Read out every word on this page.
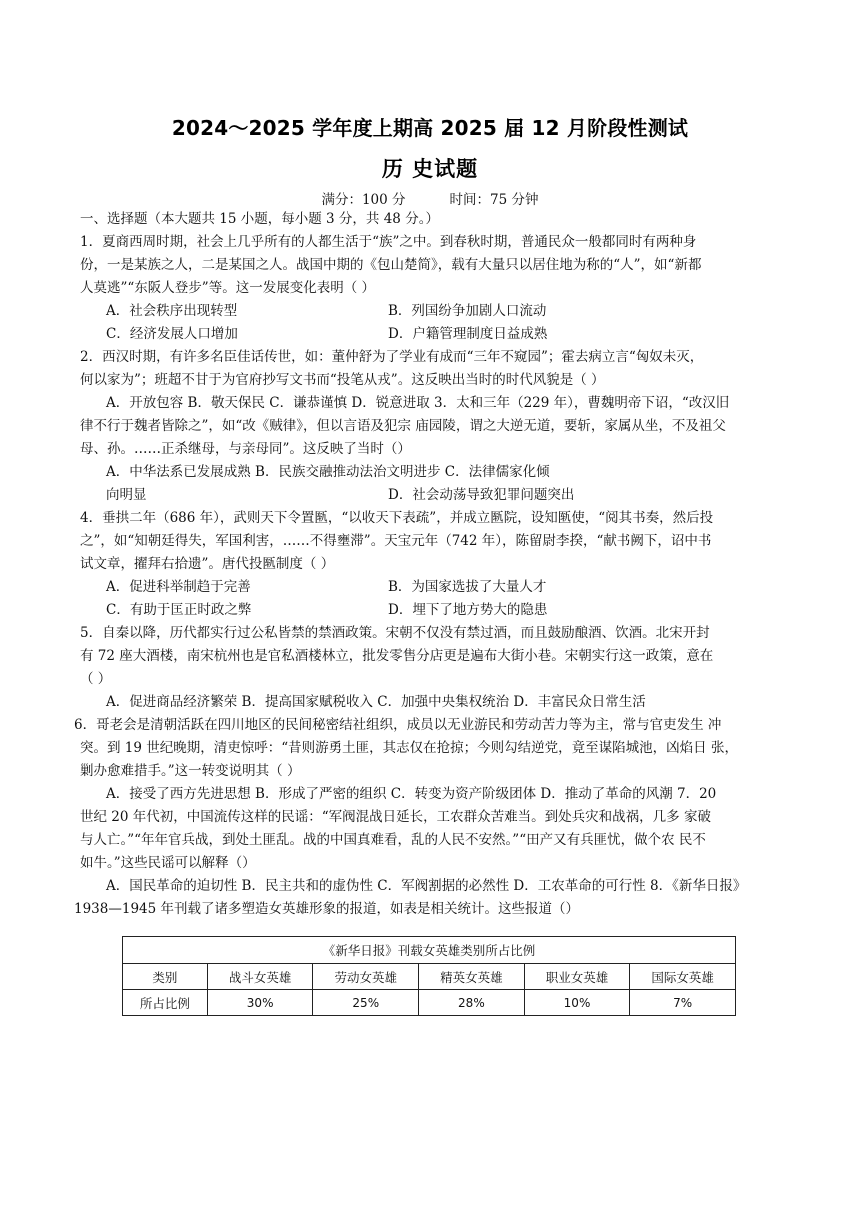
2024～2025 学年度上期高 2025 届 12 月阶段性测试
历 史试题
满分：100 分	时间：75 分钟
一、选择题（本大题共 15 小题，每小题 3 分，共 48 分。）
1．夏商西周时期，社会上几乎所有的人都生活于“族”之中。到春秋时期，普通民众一般都同时有两种身
份，一是某族之人，二是某国之人。战国中期的《包山楚简》，载有大量只以居住地为称的“人”，如“新都
人莫逃”“东阪人登步”等。这一发展变化表明（ ）
A．社会秩序出现转型	B．列国纷争加剧人口流动
C．经济发展人口增加	D．户籍管理制度日益成熟
2．西汉时期，有许多名臣佳话传世，如：董仲舒为了学业有成而“三年不窥园”；霍去病立言“匈奴未灭，
何以家为”；班超不甘于为官府抄写文书而“投笔从戎”。这反映出当时的时代风貌是（ ）
A．开放包容 B．敬天保民 C．谦恭谨慎 D．锐意进取 3．太和三年（229 年），曹魏明帝下诏，“改汉旧
律不行于魏者皆除之”，如“改《贼律》，但以言语及犯宗 庙园陵，谓之大逆无道，要斩，家属从坐，不及祖父
母、孙。……正杀继母，与亲母同”。这反映了当时（）
A．中华法系已发展成熟 B．民族交融推动法治文明进步 C．法律儒家化倾
向明显	D．社会动荡导致犯罪问题突出
4．垂拱二年（686 年），武则天下令置匦，“以收天下表疏”，并成立匦院，设知匦使，“阅其书奏，然后投
之”，如“知朝廷得失，军国利害，……不得壅滞”。天宝元年（742 年），陈留尉李揆，“献书阙下，诏中书
试文章，擢拜右拾遗”。唐代投匦制度（ ）
A．促进科举制趋于完善	B．为国家选拔了大量人才
C．有助于匡正时政之弊	D．埋下了地方势大的隐患
5．自秦以降，历代都实行过公私皆禁的禁酒政策。宋朝不仅没有禁过酒，而且鼓励酿酒、饮酒。北宋开封
有 72 座大酒楼，南宋杭州也是官私酒楼林立，批发零售分店更是遍布大街小巷。宋朝实行这一政策，意在
（ ）
A．促进商品经济繁荣 B．提高国家赋税收入 C．加强中央集权统治 D．丰富民众日常生活
6．哥老会是清朝活跃在四川地区的民间秘密结社组织，成员以无业游民和劳动苦力等为主，常与官吏发生 冲
突。到 19 世纪晚期，清吏惊呼：“昔则游勇土匪，其志仅在抢掠；今则勾结逆党，竟至谋陷城池，凶焰日 张，
剿办愈难措手。”这一转变说明其（ ）
A．接受了西方先进思想 B．形成了严密的组织 C．转变为资产阶级团体 D．推动了革命的风潮 7．20
世纪 20 年代初，中国流传这样的民谣：“军阀混战日延长，工农群众苦难当。到处兵灾和战祸，几多 家破
与人亡。”“年年官兵战，到处土匪乱。战的中国真难看，乱的人民不安然。”“田产又有兵匪忧，做个农 民不
如牛。”这些民谣可以解释（）
A．国民革命的迫切性 B．民主共和的虚伪性 C．军阀割据的必然性 D．工农革命的可行性 8．《新华日报》
1938—1945 年刊载了诸多塑造女英雄形象的报道，如表是相关统计。这些报道（）
《新华日报》刊载女英雄类别所占比例					
类别	战斗女英雄	劳动女英雄	精英女英雄	职业女英雄	国际女英雄
所占比例	30%	25%	28%	10%	7%
